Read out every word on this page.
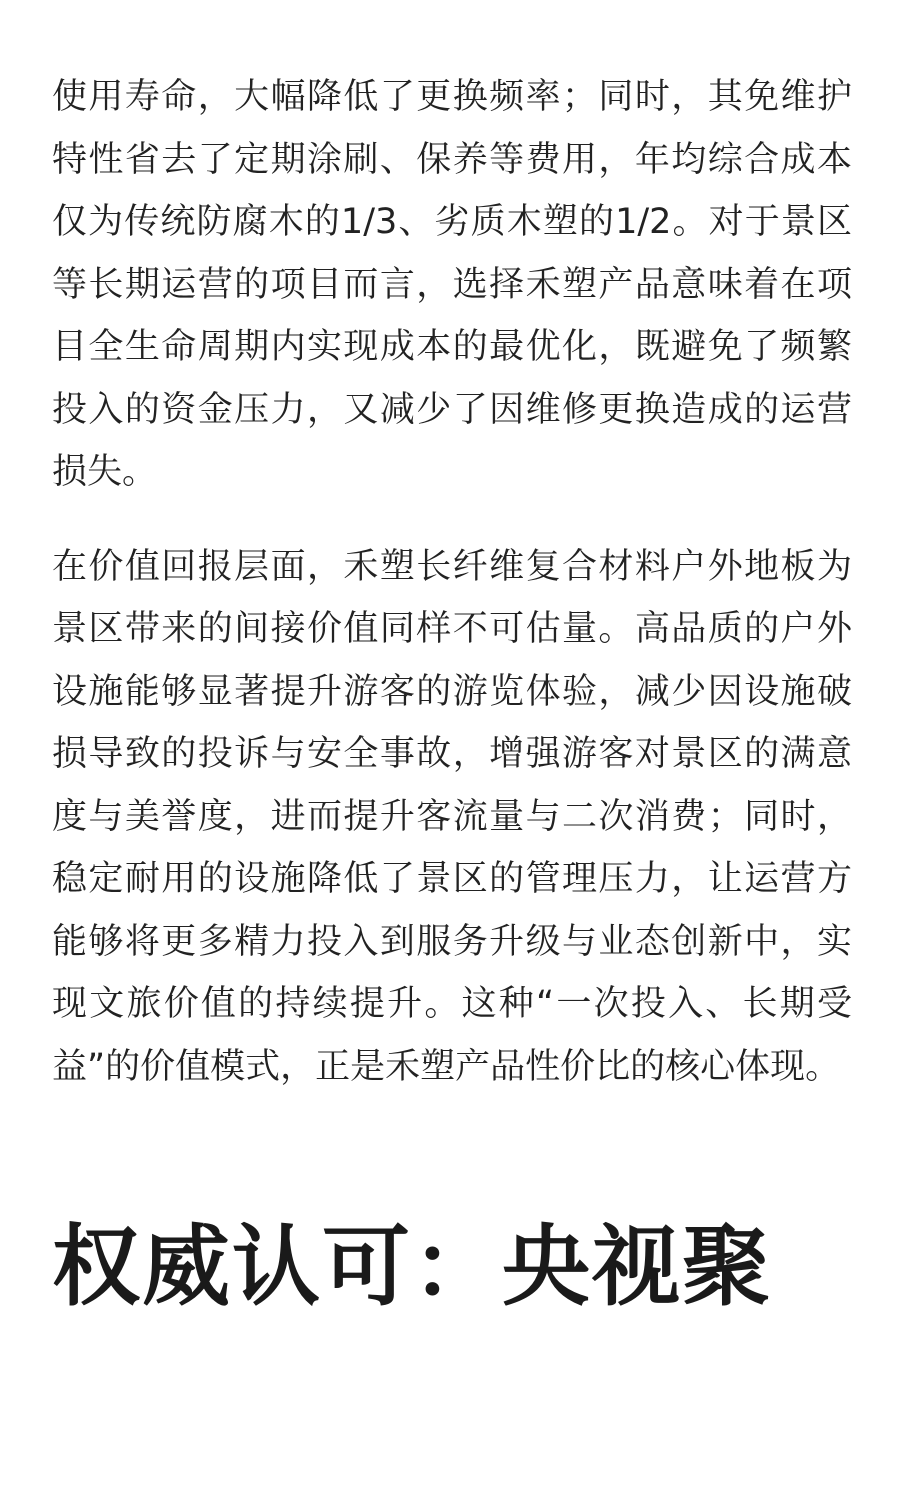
使用寿命，大幅降低了更换频率；同时，其免维护特性省去了定期涂刷、保养等费用，年均综合成本仅为传统防腐木的1/3、劣质木塑的1/2。对于景区等长期运营的项目而言，选择禾塑产品意味着在项目全生命周期内实现成本的最优化，既避免了频繁投入的资金压力，又减少了因维修更换造成的运营损失。

在价值回报层面，禾塑长纤维复合材料户外地板为景区带来的间接价值同样不可估量。高品质的户外设施能够显著提升游客的游览体验，减少因设施破损导致的投诉与安全事故，增强游客对景区的满意度与美誉度，进而提升客流量与二次消费；同时，稳定耐用的设施降低了景区的管理压力，让运营方能够将更多精力投入到服务升级与业态创新中，实现文旅价值的持续提升。这种“一次投入、长期受益”的价值模式，正是禾塑产品性价比的核心体现。

权威认可：央视聚
